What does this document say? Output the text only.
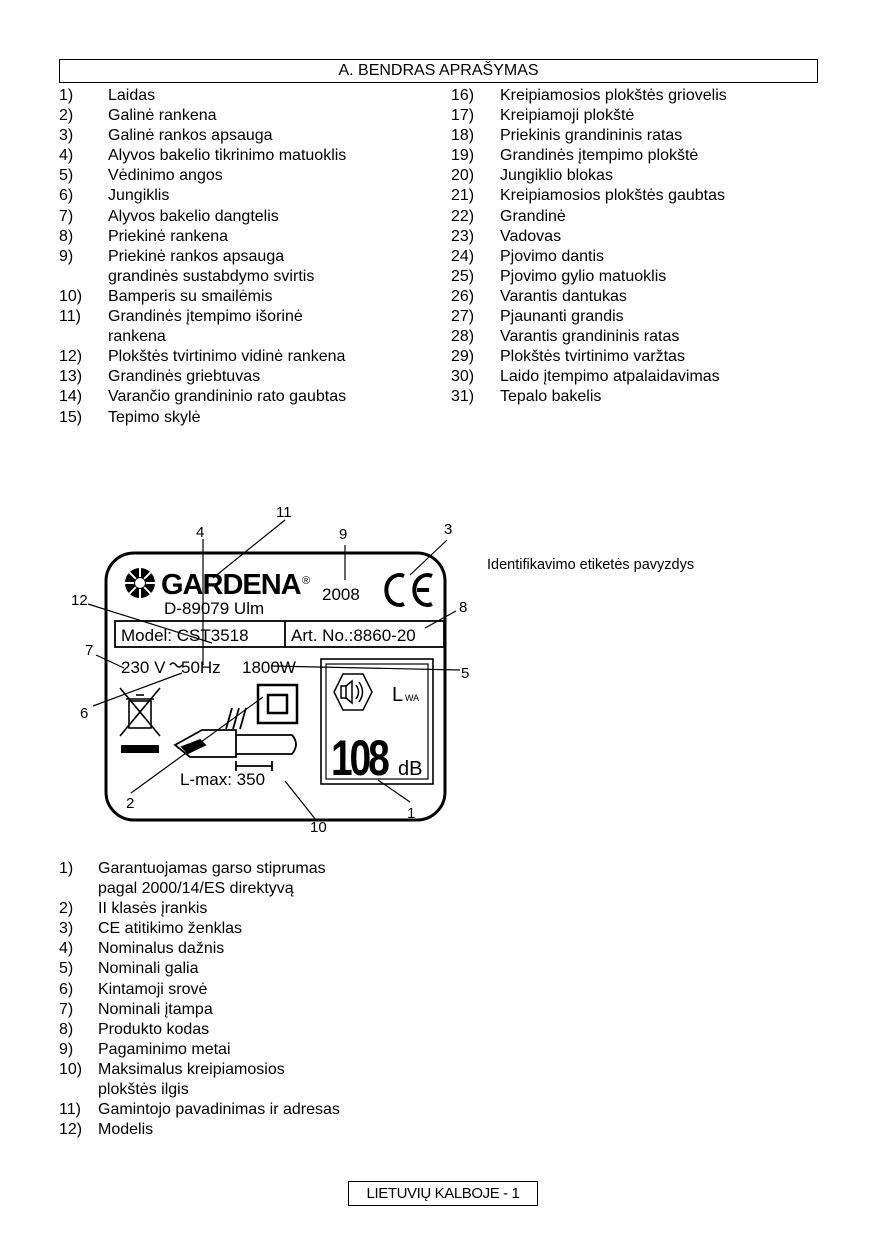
A. BENDRAS APRAŠYMAS
1) Laidas
2) Galinė rankena
3) Galinė rankos apsauga
4) Alyvos bakelio tikrinimo matuoklis
5) Vėdinimo angos
6) Jungiklis
7) Alyvos bakelio dangtelis
8) Priekinė rankena
9) Priekinė rankos apsauga
grandinės sustabdymo svirtis
10) Bamperis su smailėmis
11) Grandinės įtempimo išorinė
rankena
12) Plokštės tvirtinimo vidinė rankena
13) Grandinės griebtuvas
14) Varančio grandininio rato gaubtas
15) Tepimo skylė
16) Kreipiamosios plokštės griovelis
17) Kreipiamoji plokštė
18) Priekinis grandininis ratas
19) Grandinės įtempimo plokštė
20) Jungiklio blokas
21) Kreipiamosios plokštės gaubtas
22) Grandinė
23) Vadovas
24) Pjovimo dantis
25) Pjovimo gylio matuoklis
26) Varantis dantukas
27) Pjaunanti grandis
28) Varantis grandininis ratas
29) Plokštės tvirtinimo varžtas
30) Laido įtempimo atpalaidavimas
31) Tepalo bakelis
GARDENA ®
D-89079 Ulm
2008
Model: CST3518 Art. No.:8860-20
230 V 50Hz 1800W
L-max: 350
L WA
108 dB
1
2
3
4
5
6
7
8
9
10
11
12
Identifikavimo etiketės pavyzdys
1) Garantuojamas garso stiprumas
pagal 2000/14/ES direktyvą
2) II klasės įrankis
3) CE atitikimo ženklas
4) Nominalus dažnis
5) Nominali galia
6) Kintamoji srovė
7) Nominali įtampa
8) Produkto kodas
9) Pagaminimo metai
10) Maksimalus kreipiamosios
plokštės ilgis
11) Gamintojo pavadinimas ir adresas
12) Modelis
LIETUVIŲ KALBOJE - 1
